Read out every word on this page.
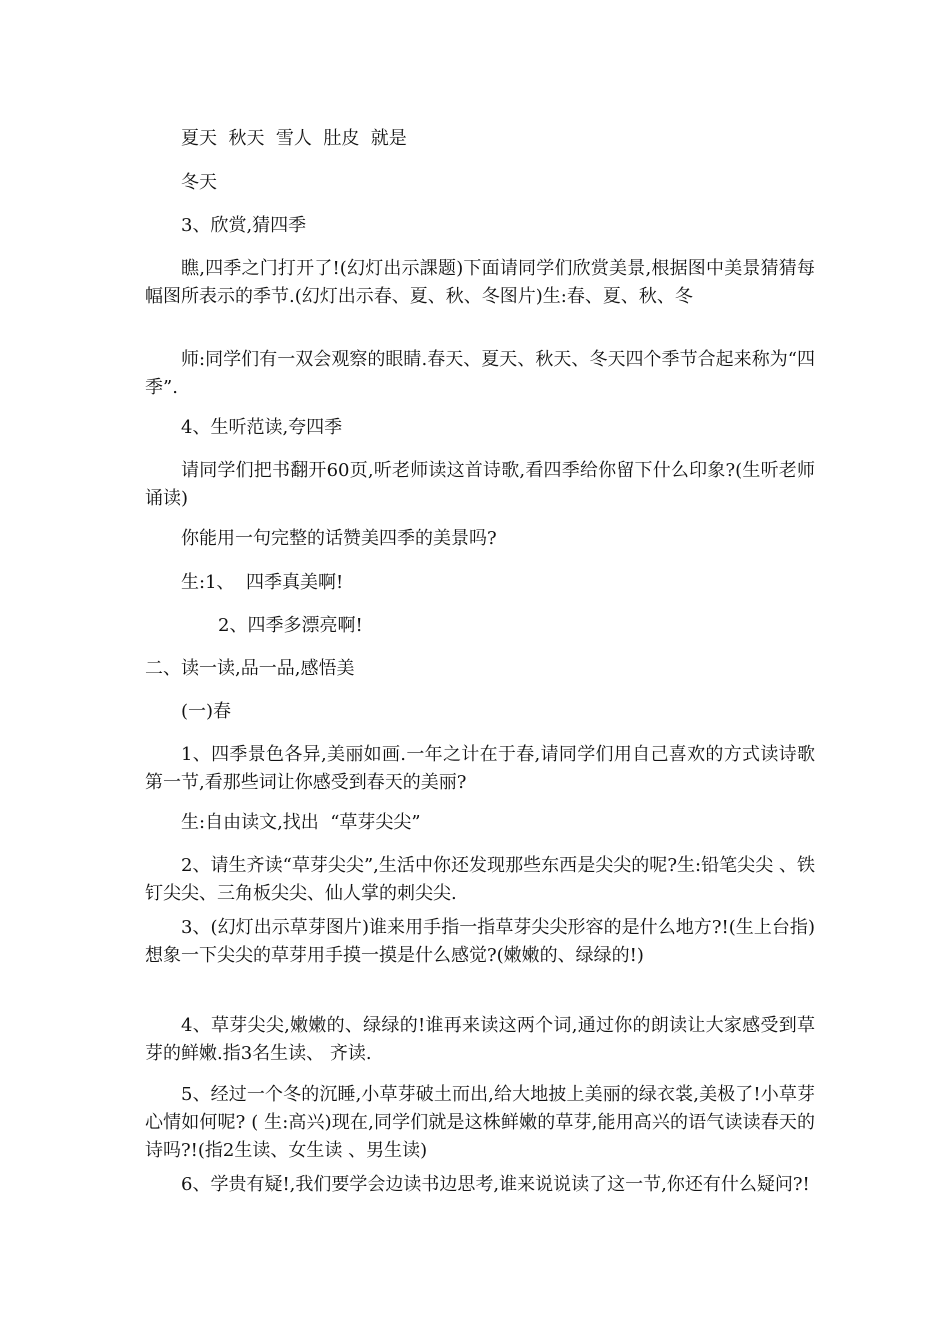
夏天  秋天  雪人  肚皮  就是
冬天
3、欣赏,猜四季
瞧,四季之门打开了!(幻灯出示課题)下面请同学们欣赏美景,根据图中美景猜猜每幅图所表示的季节.(幻灯出示春、夏、秋、冬图片)生:春、夏、秋、冬
师:同学们有一双会观察的眼睛.春天、夏天、秋天、冬天四个季节合起来称为“四季”.
4、生听范读,夸四季
请同学们把书翻开60页,听老师读这首诗歌,看四季给你留下什么印象?(生听老师诵读)
你能用一句完整的话赞美四季的美景吗?
生:1、  四季真美啊!
2、四季多漂亮啊!
二、读一读,品一品,感悟美
(一)春
1、四季景色各异,美丽如画.一年之计在于春,请同学们用自己喜欢的方式读诗歌第一节,看那些词让你感受到春天的美丽?
生:自由读文,找出  “草芽尖尖”
2、请生齐读“草芽尖尖”,生活中你还发现那些东西是尖尖的呢?生:铅笔尖尖 、铁钉尖尖、三角板尖尖、仙人掌的刺尖尖.
3、(幻灯出示草芽图片)谁来用手指一指草芽尖尖形容的是什么地方?!(生上台指)想象一下尖尖的草芽用手摸一摸是什么感觉?(嫩嫩的、绿绿的!)
4、草芽尖尖,嫩嫩的、绿绿的!谁再来读这两个词,通过你的朗读让大家感受到草芽的鲜嫩.指3名生读、 齐读.
5、经过一个冬的沉睡,小草芽破土而出,给大地披上美丽的绿衣裳,美极了!小草芽心情如何呢? ( 生:高兴)现在,同学们就是这株鲜嫩的草芽,能用高兴的语气读读春天的诗吗?!(指2生读、女生读 、男生读)
6、学贵有疑!,我们要学会边读书边思考,谁来说说读了这一节,你还有什么疑问?!
